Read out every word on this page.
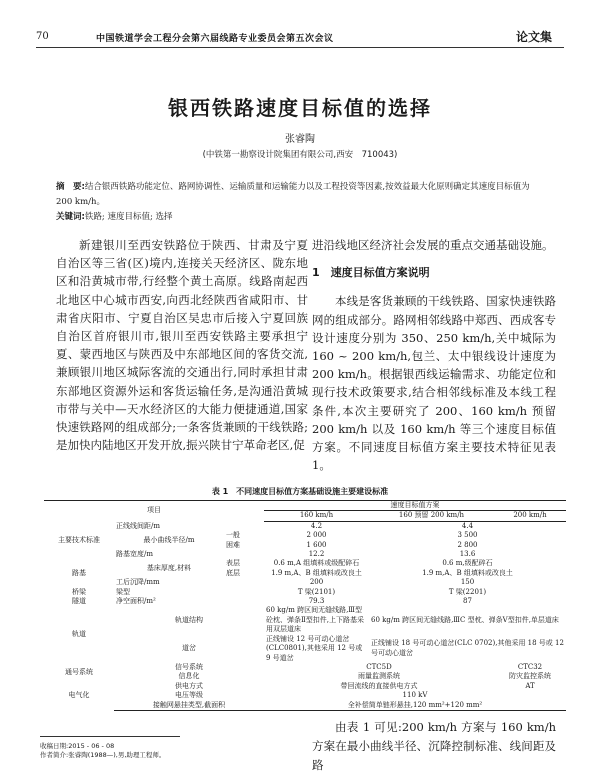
70	中国铁道学会工程分会第六届线路专业委员会第五次会议	论文集
银西铁路速度目标值的选择
张睿陶
(中铁第一勘察设计院集团有限公司,西安　710043)
摘　要:结合银西铁路功能定位、路网协调性、运输质量和运输能力以及工程投资等因素,按效益最大化原则确定其速度目标值为 200 km/h。
关键词:铁路; 速度目标值; 选择

新建银川至西安铁路位于陕西、甘肃及宁夏自治区等三省(区)境内,连接关天经济区、陇东地区和沿黄城市带,行经整个黄土高原。线路南起西北地区中心城市西安,向西北经陕西省咸阳市、甘肃省庆阳市、宁夏自治区吴忠市后接入宁夏回族自治区首府银川市,银川至西安铁路主要承担宁夏、蒙西地区与陕西及中东部地区间的客货交流,兼顾银川地区城际客流的交通出行,同时承担甘肃东部地区资源外运和客货运输任务,是沟通沿黄城市带与关中—天水经济区的大能力便捷通道,国家快速铁路网的组成部分;一条客货兼顾的干线铁路;是加快内陆地区开发开放,振兴陕甘宁革命老区,促

进沿线地区经济社会发展的重点交通基础设施。

1　速度目标值方案说明

本线是客货兼顾的干线铁路、国家快速铁路网的组成部分。路网相邻线路中郑西、西成客专设计速度分别为 350、250 km/h,关中城际为 160 ~ 200 km/h,包兰、太中银线设计速度为 200 km/h。根据银西线运输需求、功能定位和现行技术政策要求,结合相邻线标准及本线工程条件,本次主要研究了 200、160 km/h 预留 200 km/h 以及 160 km/h 等三个速度目标值方案。不同速度目标值方案主要技术特征见表 1。

表 1　不同速度目标值方案基础设施主要建设标准
项目			速度目标值方案		
			160 km/h	160 预留 200 km/h	200 km/h
主要技术标准	正线线间距/m		4.2	4.4	
	最小曲线半径/m	一般	2 000	3 500	
		困难	1 600	2 800	
	路基宽度/m		12.2	13.6	
路基	基床厚度,材料	表层	0.6 m,A 组填料或级配碎石	0.6 m,级配碎石	
		底层	1.9 m,A、B 组填料或改良土	1.9 m,A、B 组填料或改良土	
	工后沉降/mm		200	150	
桥梁	梁型		T 梁(2101)	T 梁(2201)	
隧道	净空面积/m²		79.3	87	
轨道	轨道结构		60 kg/m 跨区间无缝线路,Ⅲ型砼枕、弹条Ⅱ型扣件,上下路基采用双层道床	60 kg/m 跨区间无缝线路,ⅢC 型枕、弹条Ⅴ型扣件,单层道床	
	道岔		正线铺设 12 号可动心道岔(CLC0801),其他采用 12 号或 9 号道岔	正线铺设 18 号可动心道岔(CLC 0702),其他采用 18 号或 12 号可动心道岔	
通号系统	信号系统		CTC5D		CTC32
	信息化		雨量监测系统		防灾监控系统
电气化	供电方式		带回流线的直接供电方式		AT
	电压等级		110 kV		
	接触网悬挂类型,截面积		全补偿简单链形悬挂,120 mm²+120 mm²		
收稿日期:2015 - 06 - 08
作者简介:张睿陶(1988—),男,助理工程师。

由表 1 可见:200 km/h 方案与 160 km/h 方案在最小曲线半径、沉降控制标准、线间距及路
